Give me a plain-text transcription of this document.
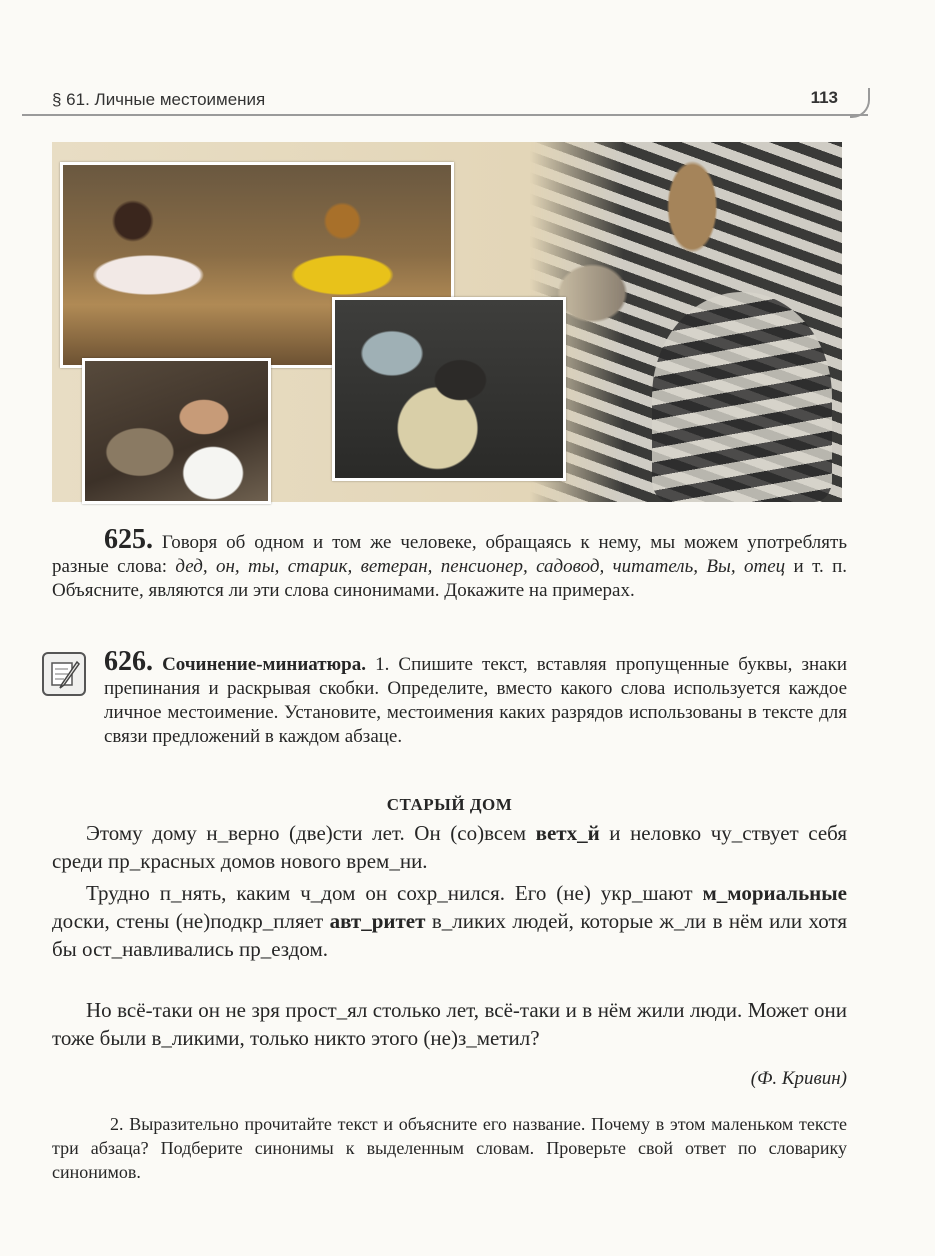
§ 61. Личные местоимения	113
625. Говоря об одном и том же человеке, обращаясь к нему, мы можем употреблять разные слова: дед, он, ты, старик, ветеран, пенсионер, садовод, читатель, Вы, отец и т. п. Объясните, являются ли эти слова синонимами. Докажите на примерах.
626. Сочинение-миниатюра. 1. Спишите текст, вставляя пропущенные буквы, знаки препинания и раскрывая скобки. Определите, вместо какого слова используется каждое личное местоимение. Установите, местоимения каких разрядов использованы в тексте для связи предложений в каждом абзаце.
СТАРЫЙ ДОМ

Этому дому н_верно (две)сти лет. Он (со)всем ветх_й и неловко чу_ствует себя среди пр_красных домов нового врем_ни.

Трудно п_нять, каким ч_дом он сохр_нился. Его (не) укр_шают м_мориальные доски, стены (не)подкр_пляет авт_ритет в_ликих людей, которые ж_ли в нём или хотя бы ост_навливались пр_ездом.

Но всё-таки он не зря прост_ял столько лет, всё-таки и в нём жили люди. Может они тоже были в_ликими, только никто этого (не)з_метил?

(Ф. Кривин)
2. Выразительно прочитайте текст и объясните его название. Почему в этом маленьком тексте три абзаца? Подберите синонимы к выделенным словам. Проверьте свой ответ по словарику синонимов.
